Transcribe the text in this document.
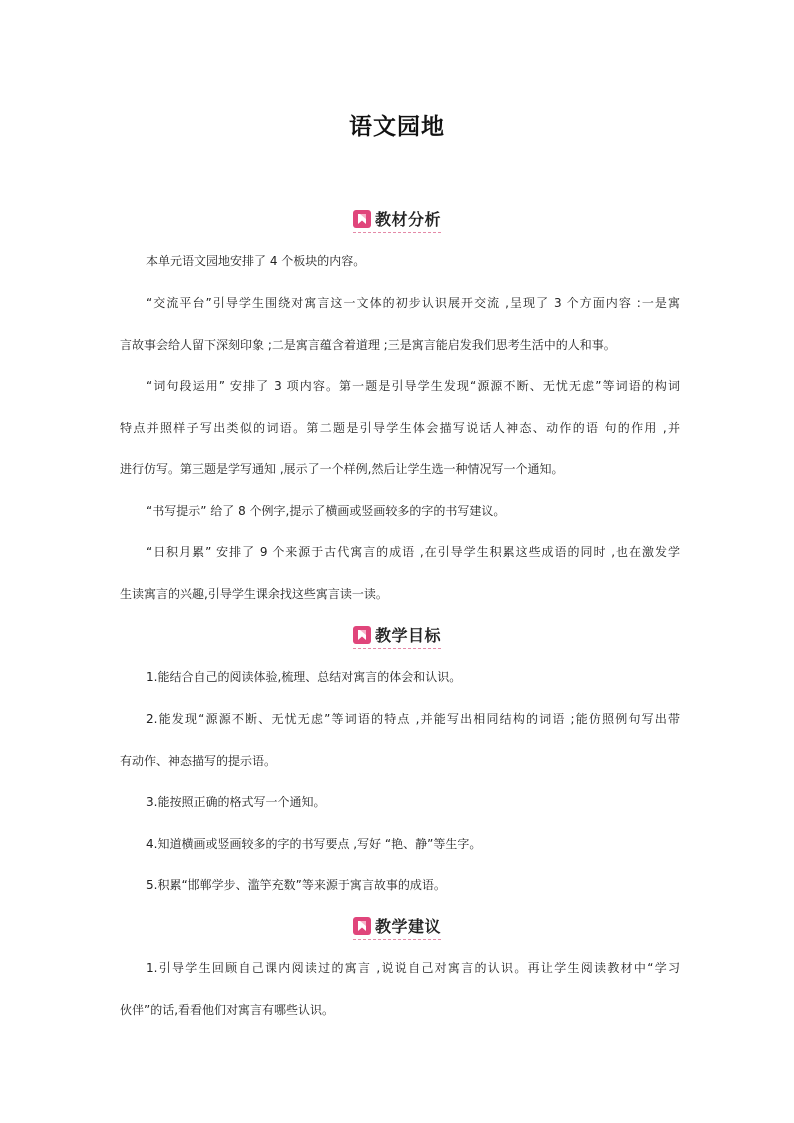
语文园地
教材分析
本单元语文园地安排了 4 个板块的内容。
“交流平台”引导学生围绕对寓言这一文体的初步认识展开交流 ,呈现了 3 个方面内容 :一是寓
言故事会给人留下深刻印象 ;二是寓言蕴含着道理 ;三是寓言能启发我们思考生活中的人和事。
“词句段运用” 安排了 3 项内容。第一题是引导学生发现“源源不断、无忧无虑”等词语的构词
特点并照样子写出类似的词语。第二题是引导学生体会描写说话人神态、动作的语 句的作用 ,并
进行仿写。第三题是学写通知 ,展示了一个样例,然后让学生选一种情况写一个通知。
“书写提示” 给了 8 个例字,提示了横画或竖画较多的字的书写建议。
“日积月累” 安排了 9 个来源于古代寓言的成语 ,在引导学生积累这些成语的同时 ,也在激发学
生读寓言的兴趣,引导学生课余找这些寓言读一读。
教学目标
1.能结合自己的阅读体验,梳理、总结对寓言的体会和认识。
2.能发现“源源不断、无忧无虑”等词语的特点 ,并能写出相同结构的词语 ;能仿照例句写出带
有动作、神态描写的提示语。
3.能按照正确的格式写一个通知。
4.知道横画或竖画较多的字的书写要点 ,写好 “艳、静”等生字。
5.积累“邯郸学步、滥竽充数”等来源于寓言故事的成语。
教学建议
1.引导学生回顾自己课内阅读过的寓言 ,说说自己对寓言的认识。再让学生阅读教材中“学习
伙伴”的话,看看他们对寓言有哪些认识。
